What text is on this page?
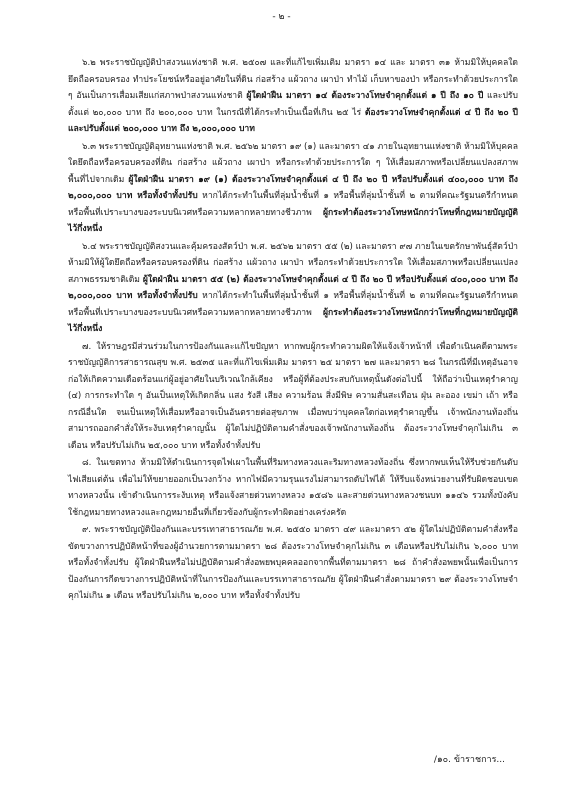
- ๒ -

๖.๒ พระราชบัญญัติป่าสงวนแห่งชาติ พ.ศ. ๒๕๐๗ และที่แก้ไขเพิ่มเติม มาตรา ๑๔ และ มาตรา ๓๑ ห้ามมิให้บุคคลใดยึดถือครอบครอง ทำประโยชน์หรืออยู่อาศัยในที่ดิน ก่อสร้าง แผ้วถาง เผาป่า ทำไม้ เก็บหาของป่า หรือกระทำด้วยประการใด ๆ อันเป็นการเสื่อมเสียแก่สภาพป่าสงวนแห่งชาติ ผู้ใดฝ่าฝืน มาตรา ๑๔ ต้องระวางโทษจำคุกตั้งแต่ ๑ ปี ถึง ๑๐ ปี และปรับตั้งแต่ ๒๐,๐๐๐ บาท ถึง ๒๐๐,๐๐๐ บาท ในกรณีที่ได้กระทำเป็นเนื้อที่เกิน ๒๕ ไร่ ต้องระวางโทษจำคุกตั้งแต่ ๔ ปี ถึง ๒๐ ปี และปรับตั้งแต่ ๒๐๐,๐๐๐ บาท ถึง ๒,๐๐๐,๐๐๐ บาท

๖.๓ พระราชบัญญัติอุทยานแห่งชาติ พ.ศ. ๒๕๖๒ มาตรา ๑๙ (๑) และมาตรา ๔๑ ภายในอุทยานแห่งชาติ ห้ามมิให้บุคคลใดยึดถือหรือครอบครองที่ดิน ก่อสร้าง แผ้วถาง เผาป่า หรือกระทำด้วยประการใด ๆ ให้เสื่อมสภาพหรือเปลี่ยนแปลงสภาพพื้นที่ไปจากเดิม ผู้ใดฝ่าฝืน มาตรา ๑๙ (๑) ต้องระวางโทษจำคุกตั้งแต่ ๔ ปี ถึง ๒๐ ปี หรือปรับตั้งแต่ ๔๐๐,๐๐๐ บาท ถึง ๒,๐๐๐,๐๐๐ บาท หรือทั้งจำทั้งปรับ หากได้กระทำในพื้นที่ลุ่มน้ำชั้นที่ ๑ หรือพื้นที่ลุ่มน้ำชั้นที่ ๒ ตามที่คณะรัฐมนตรีกำหนด หรือพื้นที่เปราะบางของระบบนิเวศหรือความหลากหลายทางชีวภาพ ผู้กระทำต้องระวางโทษหนักกว่าโทษที่กฎหมายบัญญัติไว้กึ่งหนึ่ง

๖.๔ พระราชบัญญัติสงวนและคุ้มครองสัตว์ป่า พ.ศ. ๒๕๖๒ มาตรา ๕๕ (๒) และมาตรา ๙๗ ภายในเขตรักษาพันธุ์สัตว์ป่า ห้ามมิให้ผู้ใดยึดถือหรือครอบครองที่ดิน ก่อสร้าง แผ้วถาง เผาป่า หรือกระทำด้วยประการใด ให้เสื่อมสภาพหรือเปลี่ยนแปลงสภาพธรรมชาติเดิม ผู้ใดฝ่าฝืน มาตรา ๕๕ (๒) ต้องระวางโทษจำคุกตั้งแต่ ๔ ปี ถึง ๒๐ ปี หรือปรับตั้งแต่ ๔๐๐,๐๐๐ บาท ถึง ๒,๐๐๐,๐๐๐ บาท หรือทั้งจำทั้งปรับ หากได้กระทำในพื้นที่ลุ่มน้ำชั้นที่ ๑ หรือพื้นที่ลุ่มน้ำชั้นที่ ๒ ตามที่คณะรัฐมนตรีกำหนด หรือพื้นที่เปราะบางของระบบนิเวศหรือความหลากหลายทางชีวภาพ ผู้กระทำต้องระวางโทษหนักกว่าโทษที่กฎหมายบัญญัติไว้กึ่งหนึ่ง

๗. ให้ราษฎรมีส่วนร่วมในการป้องกันและแก้ไขปัญหา หากพบผู้กระทำความผิดให้แจ้งเจ้าหน้าที่ เพื่อดำเนินคดีตามพระราชบัญญัติการสาธารณสุข พ.ศ. ๒๕๓๕ และที่แก้ไขเพิ่มเติม มาตรา ๒๕ มาตรา ๒๗ และมาตรา ๒๘ ในกรณีที่มีเหตุอันอาจก่อให้เกิดความเดือดร้อนแก่ผู้อยู่อาศัยในบริเวณใกล้เคียง หรือผู้ที่ต้องประสบกับเหตุนั้นดังต่อไปนี้ ให้ถือว่าเป็นเหตุรำคาญ (๔) การกระทำใด ๆ อันเป็นเหตุให้เกิดกลิ่น แสง รังสี เสียง ความร้อน สิ่งมีพิษ ความสั่นสะเทือน ฝุ่น ละออง เขม่า เถ้า หรือกรณีอื่นใด จนเป็นเหตุให้เสื่อมหรืออาจเป็นอันตรายต่อสุขภาพ เมื่อพบว่าบุคคลใดก่อเหตุรำคาญขึ้น เจ้าพนักงานท้องถิ่นสามารถออกคำสั่งให้ระงับเหตุรำคาญนั้น ผู้ใดไม่ปฏิบัติตามคำสั่งของเจ้าพนักงานท้องถิ่น ต้องระวางโทษจำคุกไม่เกิน ๓ เดือน หรือปรับไม่เกิน ๒๕,๐๐๐ บาท หรือทั้งจำทั้งปรับ

๘. ในเขตทาง ห้ามมิให้ดำเนินการจุดไฟเผาในพื้นที่ริมทางหลวงและริมทางหลวงท้องถิ่น ซึ่งหากพบเห็นให้รีบช่วยกันดับไฟเสียแต่ต้น เพื่อไม่ให้ขยายออกเป็นวงกว้าง หากไฟมีความรุนแรงไม่สามารถดับไฟได้ ให้รีบแจ้งหน่วยงานที่รับผิดชอบเขตทางหลวงนั้น เข้าดำเนินการระงับเหตุ หรือแจ้งสายด่วนทางหลวง ๑๕๘๖ และสายด่วนทางหลวงชนบท ๑๑๔๖ รวมทั้งบังคับใช้กฎหมายทางหลวงและกฎหมายอื่นที่เกี่ยวข้องกับผู้กระทำผิดอย่างเคร่งครัด

๙. พระราชบัญญัติป้องกันและบรรเทาสาธารณภัย พ.ศ. ๒๕๕๐ มาตรา ๔๙ และมาตรา ๕๒ ผู้ใดไม่ปฏิบัติตามคำสั่งหรือขัดขวางการปฏิบัติหน้าที่ของผู้อำนวยการตามมาตรา ๒๘ ต้องระวางโทษจำคุกไม่เกิน ๓ เดือนหรือปรับไม่เกิน ๖,๐๐๐ บาท หรือทั้งจำทั้งปรับ ผู้ใดฝ่าฝืนหรือไม่ปฏิบัติตามคำสั่งอพยพบุคคลออกจากพื้นที่ตามมาตรา ๒๘ ถ้าคำสั่งอพยพนั้นเพื่อเป็นการป้องกันการกีดขวางการปฏิบัติหน้าที่ในการป้องกันและบรรเทาสาธารณภัย ผู้ใดฝ่าฝืนคำสั่งตามมาตรา ๒๙ ต้องระวางโทษจำคุกไม่เกิน ๑ เดือน หรือปรับไม่เกิน ๒,๐๐๐ บาท หรือทั้งจำทั้งปรับ

/๑๐. ข้าราชการ...
